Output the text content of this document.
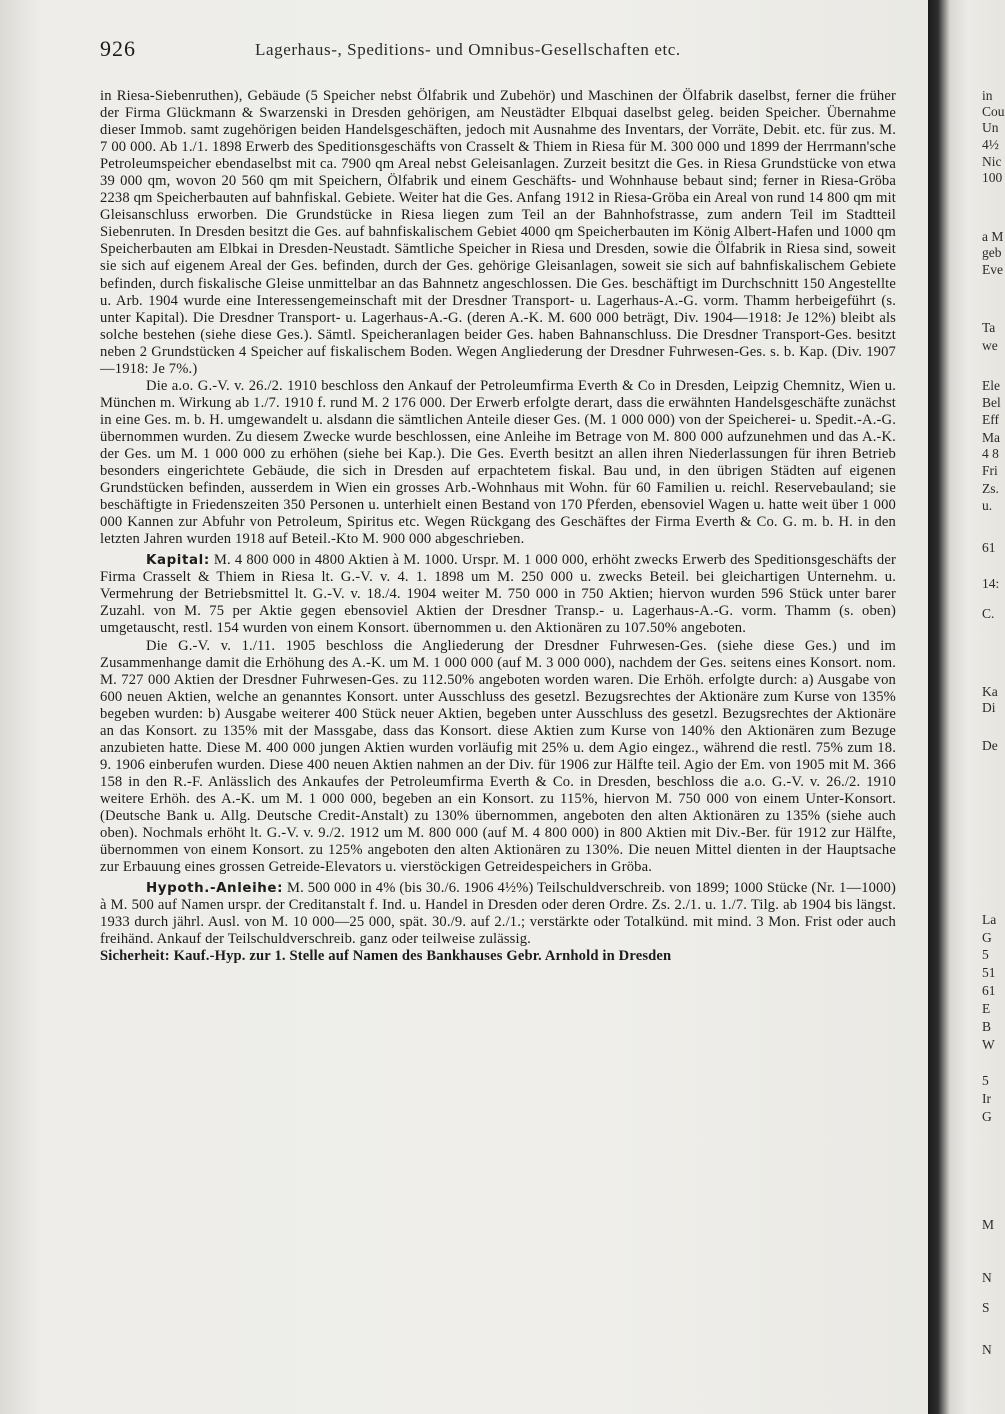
926	Lagerhaus-, Speditions- und Omnibus-Gesellschaften etc.

in Riesa-Siebenruthen), Gebäude (5 Speicher nebst Ölfabrik und Zubehör) und Maschinen der Ölfabrik daselbst, ferner die früher der Firma Glückmann & Swarzenski in Dresden gehörigen, am Neustädter Elbquai daselbst geleg. beiden Speicher. Übernahme dieser Immob. samt zugehörigen beiden Handelsgeschäften, jedoch mit Ausnahme des Inventars, der Vorräte, Debit. etc. für zus. M. 7 00 000. Ab 1./1. 1898 Erwerb des Speditionsgeschäfts von Crasselt & Thiem in Riesa für M. 300 000 und 1899 der Herrmann'sche Petroleumspeicher ebendaselbst mit ca. 7900 qm Areal nebst Geleisanlagen. Zurzeit besitzt die Ges. in Riesa Grundstücke von etwa 39 000 qm, wovon 20 560 qm mit Speichern, Ölfabrik und einem Geschäfts- und Wohnhause bebaut sind; ferner in Riesa-Gröba 2238 qm Speicherbauten auf bahnfiskal. Gebiete. Weiter hat die Ges. Anfang 1912 in Riesa-Gröba ein Areal von rund 14 800 qm mit Gleisanschluss erworben. Die Grundstücke in Riesa liegen zum Teil an der Bahnhofstrasse, zum andern Teil im Stadtteil Siebenruten. In Dresden besitzt die Ges. auf bahnfiskalischem Gebiet 4000 qm Speicherbauten im König Albert-Hafen und 1000 qm Speicherbauten am Elbkai in Dresden-Neustadt. Sämtliche Speicher in Riesa und Dresden, sowie die Ölfabrik in Riesa sind, soweit sie sich auf eigenem Areal der Ges. befinden, durch der Ges. gehörige Gleisanlagen, soweit sie sich auf bahnfiskalischem Gebiete befinden, durch fiskalische Gleise unmittelbar an das Bahnnetz angeschlossen. Die Ges. beschäftigt im Durchschnitt 150 Angestellte u. Arb. 1904 wurde eine Interessengemeinschaft mit der Dresdner Transport- u. Lagerhaus-A.-G. vorm. Thamm herbeigeführt (s. unter Kapital). Die Dresdner Transport- u. Lagerhaus-A.-G. (deren A.-K. M. 600 000 beträgt, Div. 1904—1918: Je 12%) bleibt als solche bestehen (siehe diese Ges.). Sämtl. Speicheranlagen beider Ges. haben Bahnanschluss. Die Dresdner Transport-Ges. besitzt neben 2 Grundstücken 4 Speicher auf fiskalischem Boden. Wegen Angliederung der Dresdner Fuhrwesen-Ges. s. b. Kap. (Div. 1907—1918: Je 7%.)

Die a.o. G.-V. v. 26./2. 1910 beschloss den Ankauf der Petroleumfirma Everth & Co in Dresden, Leipzig Chemnitz, Wien u. München m. Wirkung ab 1./7. 1910 f. rund M. 2 176 000. Der Erwerb erfolgte derart, dass die erwähnten Handelsgeschäfte zunächst in eine Ges. m. b. H. umgewandelt u. alsdann die sämtlichen Anteile dieser Ges. (M. 1 000 000) von der Speicherei- u. Spedit.-A.-G. übernommen wurden. Zu diesem Zwecke wurde beschlossen, eine Anleihe im Betrage von M. 800 000 aufzunehmen und das A.-K. der Ges. um M. 1 000 000 zu erhöhen (siehe bei Kap.). Die Ges. Everth besitzt an allen ihren Niederlassungen für ihren Betrieb besonders eingerichtete Gebäude, die sich in Dresden auf erpachtetem fiskal. Bau und, in den übrigen Städten auf eigenen Grundstücken befinden, ausserdem in Wien ein grosses Arb.-Wohnhaus mit Wohn. für 60 Familien u. reichl. Reservebauland; sie beschäftigte in Friedenszeiten 350 Personen u. unterhielt einen Bestand von 170 Pferden, ebensoviel Wagen u. hatte weit über 1 000 000 Kannen zur Abfuhr von Petroleum, Spiritus etc. Wegen Rückgang des Geschäftes der Firma Everth & Co. G. m. b. H. in den letzten Jahren wurden 1918 auf Beteil.-Kto M. 900 000 abgeschrieben.

Kapital: M. 4 800 000 in 4800 Aktien à M. 1000. Urspr. M. 1 000 000, erhöht zwecks Erwerb des Speditionsgeschäfts der Firma Crasselt & Thiem in Riesa lt. G.-V. v. 4. 1. 1898 um M. 250 000 u. zwecks Beteil. bei gleichartigen Unternehm. u. Vermehrung der Betriebsmittel lt. G.-V. v. 18./4. 1904 weiter M. 750 000 in 750 Aktien; hiervon wurden 596 Stück unter barer Zuzahl. von M. 75 per Aktie gegen ebensoviel Aktien der Dresdner Transp.- u. Lagerhaus-A.-G. vorm. Thamm (s. oben) umgetauscht, restl. 154 wurden von einem Konsort. übernommen u. den Aktionären zu 107.50% angeboten.

Die G.-V. v. 1./11. 1905 beschloss die Angliederung der Dresdner Fuhrwesen-Ges. (siehe diese Ges.) und im Zusammenhange damit die Erhöhung des A.-K. um M. 1 000 000 (auf M. 3 000 000), nachdem der Ges. seitens eines Konsort. nom. M. 727 000 Aktien der Dresdner Fuhrwesen-Ges. zu 112.50% angeboten worden waren. Die Erhöh. erfolgte durch: a) Ausgabe von 600 neuen Aktien, welche an genanntes Konsort. unter Ausschluss des gesetzl. Bezugsrechtes der Aktionäre zum Kurse von 135% begeben wurden: b) Ausgabe weiterer 400 Stück neuer Aktien, begeben unter Ausschluss des gesetzl. Bezugsrechtes der Aktionäre an das Konsort. zu 135% mit der Massgabe, dass das Konsort. diese Aktien zum Kurse von 140% den Aktionären zum Bezuge anzubieten hatte. Diese M. 400 000 jungen Aktien wurden vorläufig mit 25% u. dem Agio eingez., während die restl. 75% zum 18. 9. 1906 einberufen wurden. Diese 400 neuen Aktien nahmen an der Div. für 1906 zur Hälfte teil. Agio der Em. von 1905 mit M. 366 158 in den R.-F. Anlässlich des Ankaufes der Petroleumfirma Everth & Co. in Dresden, beschloss die a.o. G.-V. v. 26./2. 1910 weitere Erhöh. des A.-K. um M. 1 000 000, begeben an ein Konsort. zu 115%, hiervon M. 750 000 von einem Unter-Konsort. (Deutsche Bank u. Allg. Deutsche Credit-Anstalt) zu 130% übernommen, angeboten den alten Aktionären zu 135% (siehe auch oben). Nochmals erhöht lt. G.-V. v. 9./2. 1912 um M. 800 000 (auf M. 4 800 000) in 800 Aktien mit Div.-Ber. für 1912 zur Hälfte, übernommen von einem Konsort. zu 125% angeboten den alten Aktionären zu 130%. Die neuen Mittel dienten in der Hauptsache zur Erbauung eines grossen Getreide-Elevators u. vierstöckigen Getreidespeichers in Gröba.

Hypoth.-Anleihe: M. 500 000 in 4% (bis 30./6. 1906 4½%) Teilschuldverschreib. von 1899; 1000 Stücke (Nr. 1—1000) à M. 500 auf Namen urspr. der Creditanstalt f. Ind. u. Handel in Dresden oder deren Ordre. Zs. 2./1. u. 1./7. Tilg. ab 1904 bis längst. 1933 durch jährl. Ausl. von M. 10 000—25 000, spät. 30./9. auf 2./1.; verstärkte oder Totalkünd. mit mind. 3 Mon. Frist oder auch freihänd. Ankauf der Teilschuldverschreib. ganz oder teilweise zulässig.

Sicherheit: Kauf.-Hyp. zur 1. Stelle auf Namen des Bankhauses Gebr. Arnhold in Dresden

in
Cou
Un
4½
Nic
100
a M
geb
Eve
Ta
we
Ele
Bel
Eff
Ma
4 8
Fri
Zs.
u.
61
14:
C.
Ka
Di
De
La
G
5
51
61
E
B
W
5
Ir
G
M
N
S
N
